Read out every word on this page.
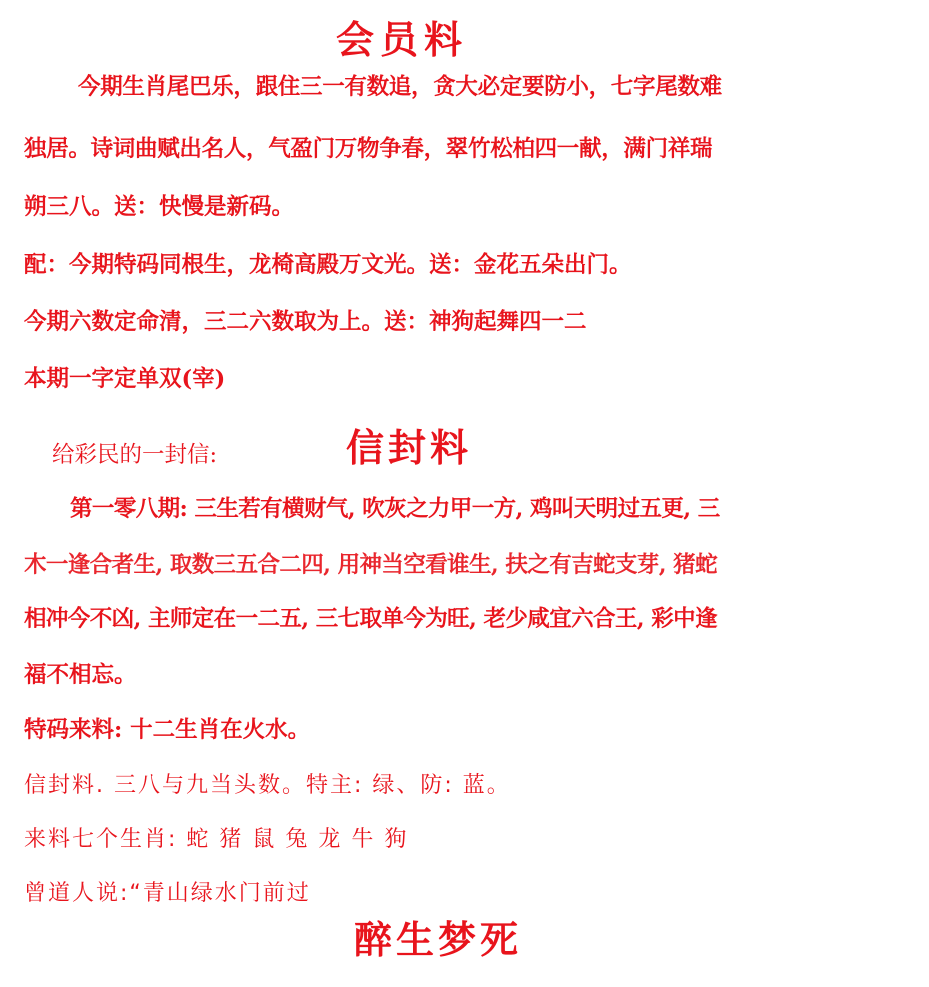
会员料
今期生肖尾巴乐，跟住三一有数追，贪大必定要防小，七字尾数难
独居。诗词曲赋出名人，气盈门万物争春，翠竹松柏四一献，满门祥瑞
朔三八。送：快慢是新码。
配：今期特码同根生，龙椅高殿万文光。送：金花五朵出门。
今期六数定命清，三二六数取为上。送：神狗起舞四一二
本期一字定单双(宰)
给彩民的一封信:	信封料
第一零八期: 三生若有横财气, 吹灰之力甲一方, 鸡叫天明过五更, 三
木一逢合者生, 取数三五合二四, 用神当空看谁生, 扶之有吉蛇支芽, 猪蛇
相冲今不凶, 主师定在一二五, 三七取单今为旺, 老少咸宜六合王, 彩中逢
福不相忘。
特码来料: 十二生肖在火水。
信封料. 三八与九当头数。特主: 绿、防: 蓝。
来料七个生肖: 蛇 猪 鼠 兔 龙 牛 狗
曾道人说:“青山绿水门前过
醉生梦死
